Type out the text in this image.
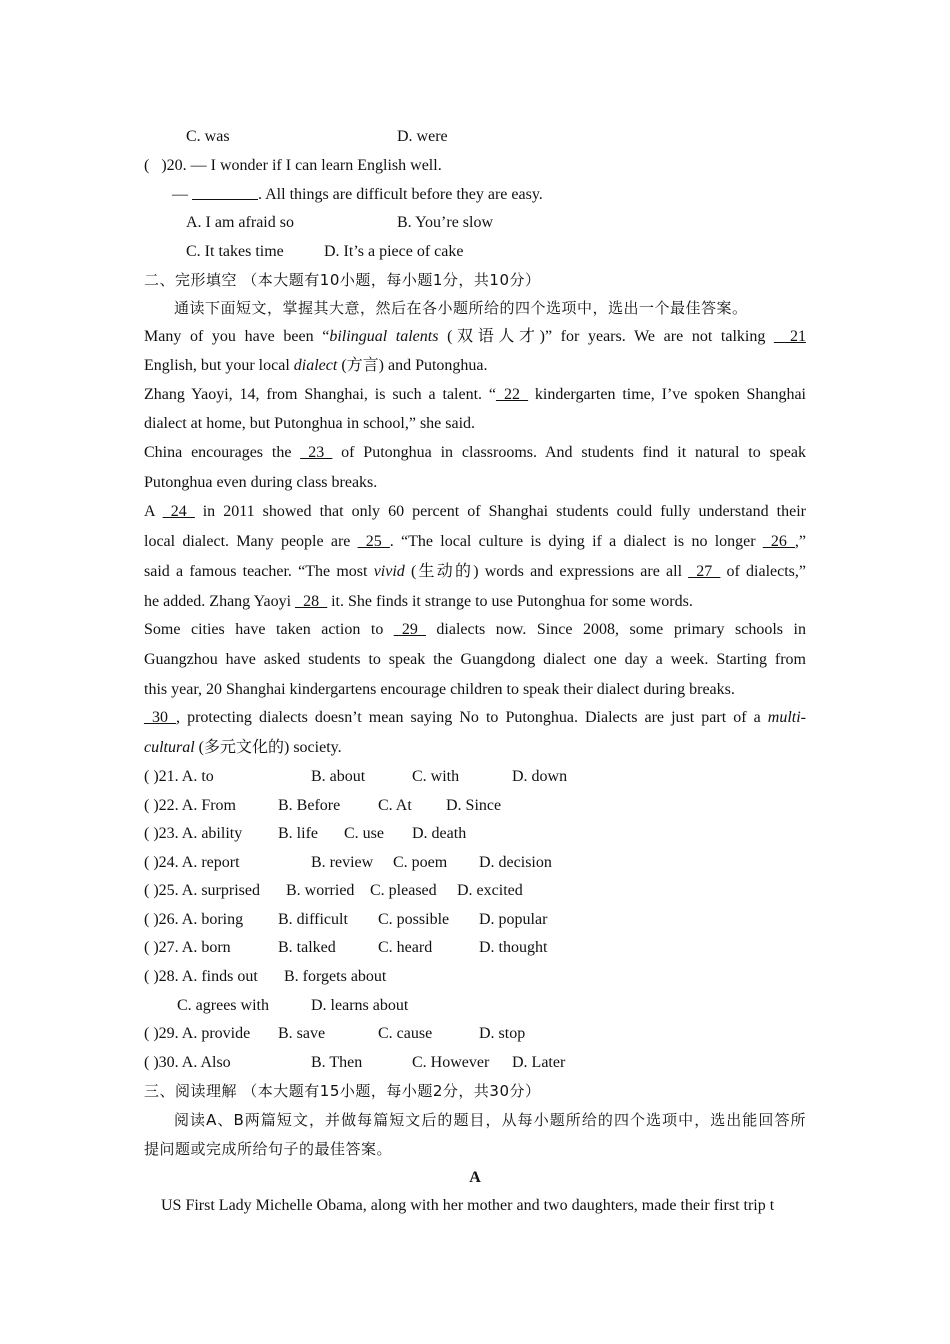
C. was	D. were
( )20. — I wonder if I can learn English well.
—	. All things are difficult before they are easy.
A. I am afraid so	B. You’re slow
C. It takes time	D. It’s a piece of cake
二、完形填空 （本大题有10小题，每小题1分，共10分）
通读下面短文，掌握其大意，然后在各小题所给的四个选项中，选出一个最佳答案。
Many of you have been “bilingual talents (双语人才)” for years. We are not talking __21
English, but your local dialect (方言) and Putonghua.
Zhang Yaoyi, 14, from Shanghai, is such a talent. “_22_ kindergarten time, I’ve spoken Shanghai
dialect at home, but Putonghua in school,” she said.
China encourages the _23_ of Putonghua in classrooms. And students find it natural to speak
Putonghua even during class breaks.
A _24_ in 2011 showed that only 60 percent of Shanghai students could fully understand their
local dialect. Many people are _25_. “The local culture is dying if a dialect is no longer _26_,”
said a famous teacher. “The most vivid (生动的) words and expressions are all _27_ of dialects,”
he added. Zhang Yaoyi _28_ it. She finds it strange to use Putonghua for some words.
Some cities have taken action to _29_ dialects now. Since 2008, some primary schools in
Guangzhou have asked students to speak the Guangdong dialect one day a week. Starting from
this year, 20 Shanghai kindergartens encourage children to speak their dialect during breaks.
_30_, protecting dialects doesn’t mean saying No to Putonghua. Dialects are just part of a multi-
cultural (多元文化的) society.
( )21. A. to	B. about	C. with	D. down
( )22. A. From	B. Before C. At D. Since
( )23. A. ability B. life C. use D. death
( )24. A. report	B. review C. poem D. decision
( )25. A. surprised B. worried C. pleased D. excited
( )26. A. boring B. difficult C. possible D. popular
( )27. A. born	B. talked	C. heard	D. thought
( )28. A. finds out B. forgets about
C. agrees with	D. learns about
( )29. A. provide B. save	C. cause	D. stop
( )30. A. Also	B. Then	C. However D. Later
三、阅读理解 （本大题有15小题，每小题2分，共30分）
阅读A、B两篇短文，并做每篇短文后的题目，从每小题所给的四个选项中，选出能回答所
提问题或完成所给句子的最佳答案。
A
US First Lady Michelle Obama, along with her mother and two daughters, made their first trip t
